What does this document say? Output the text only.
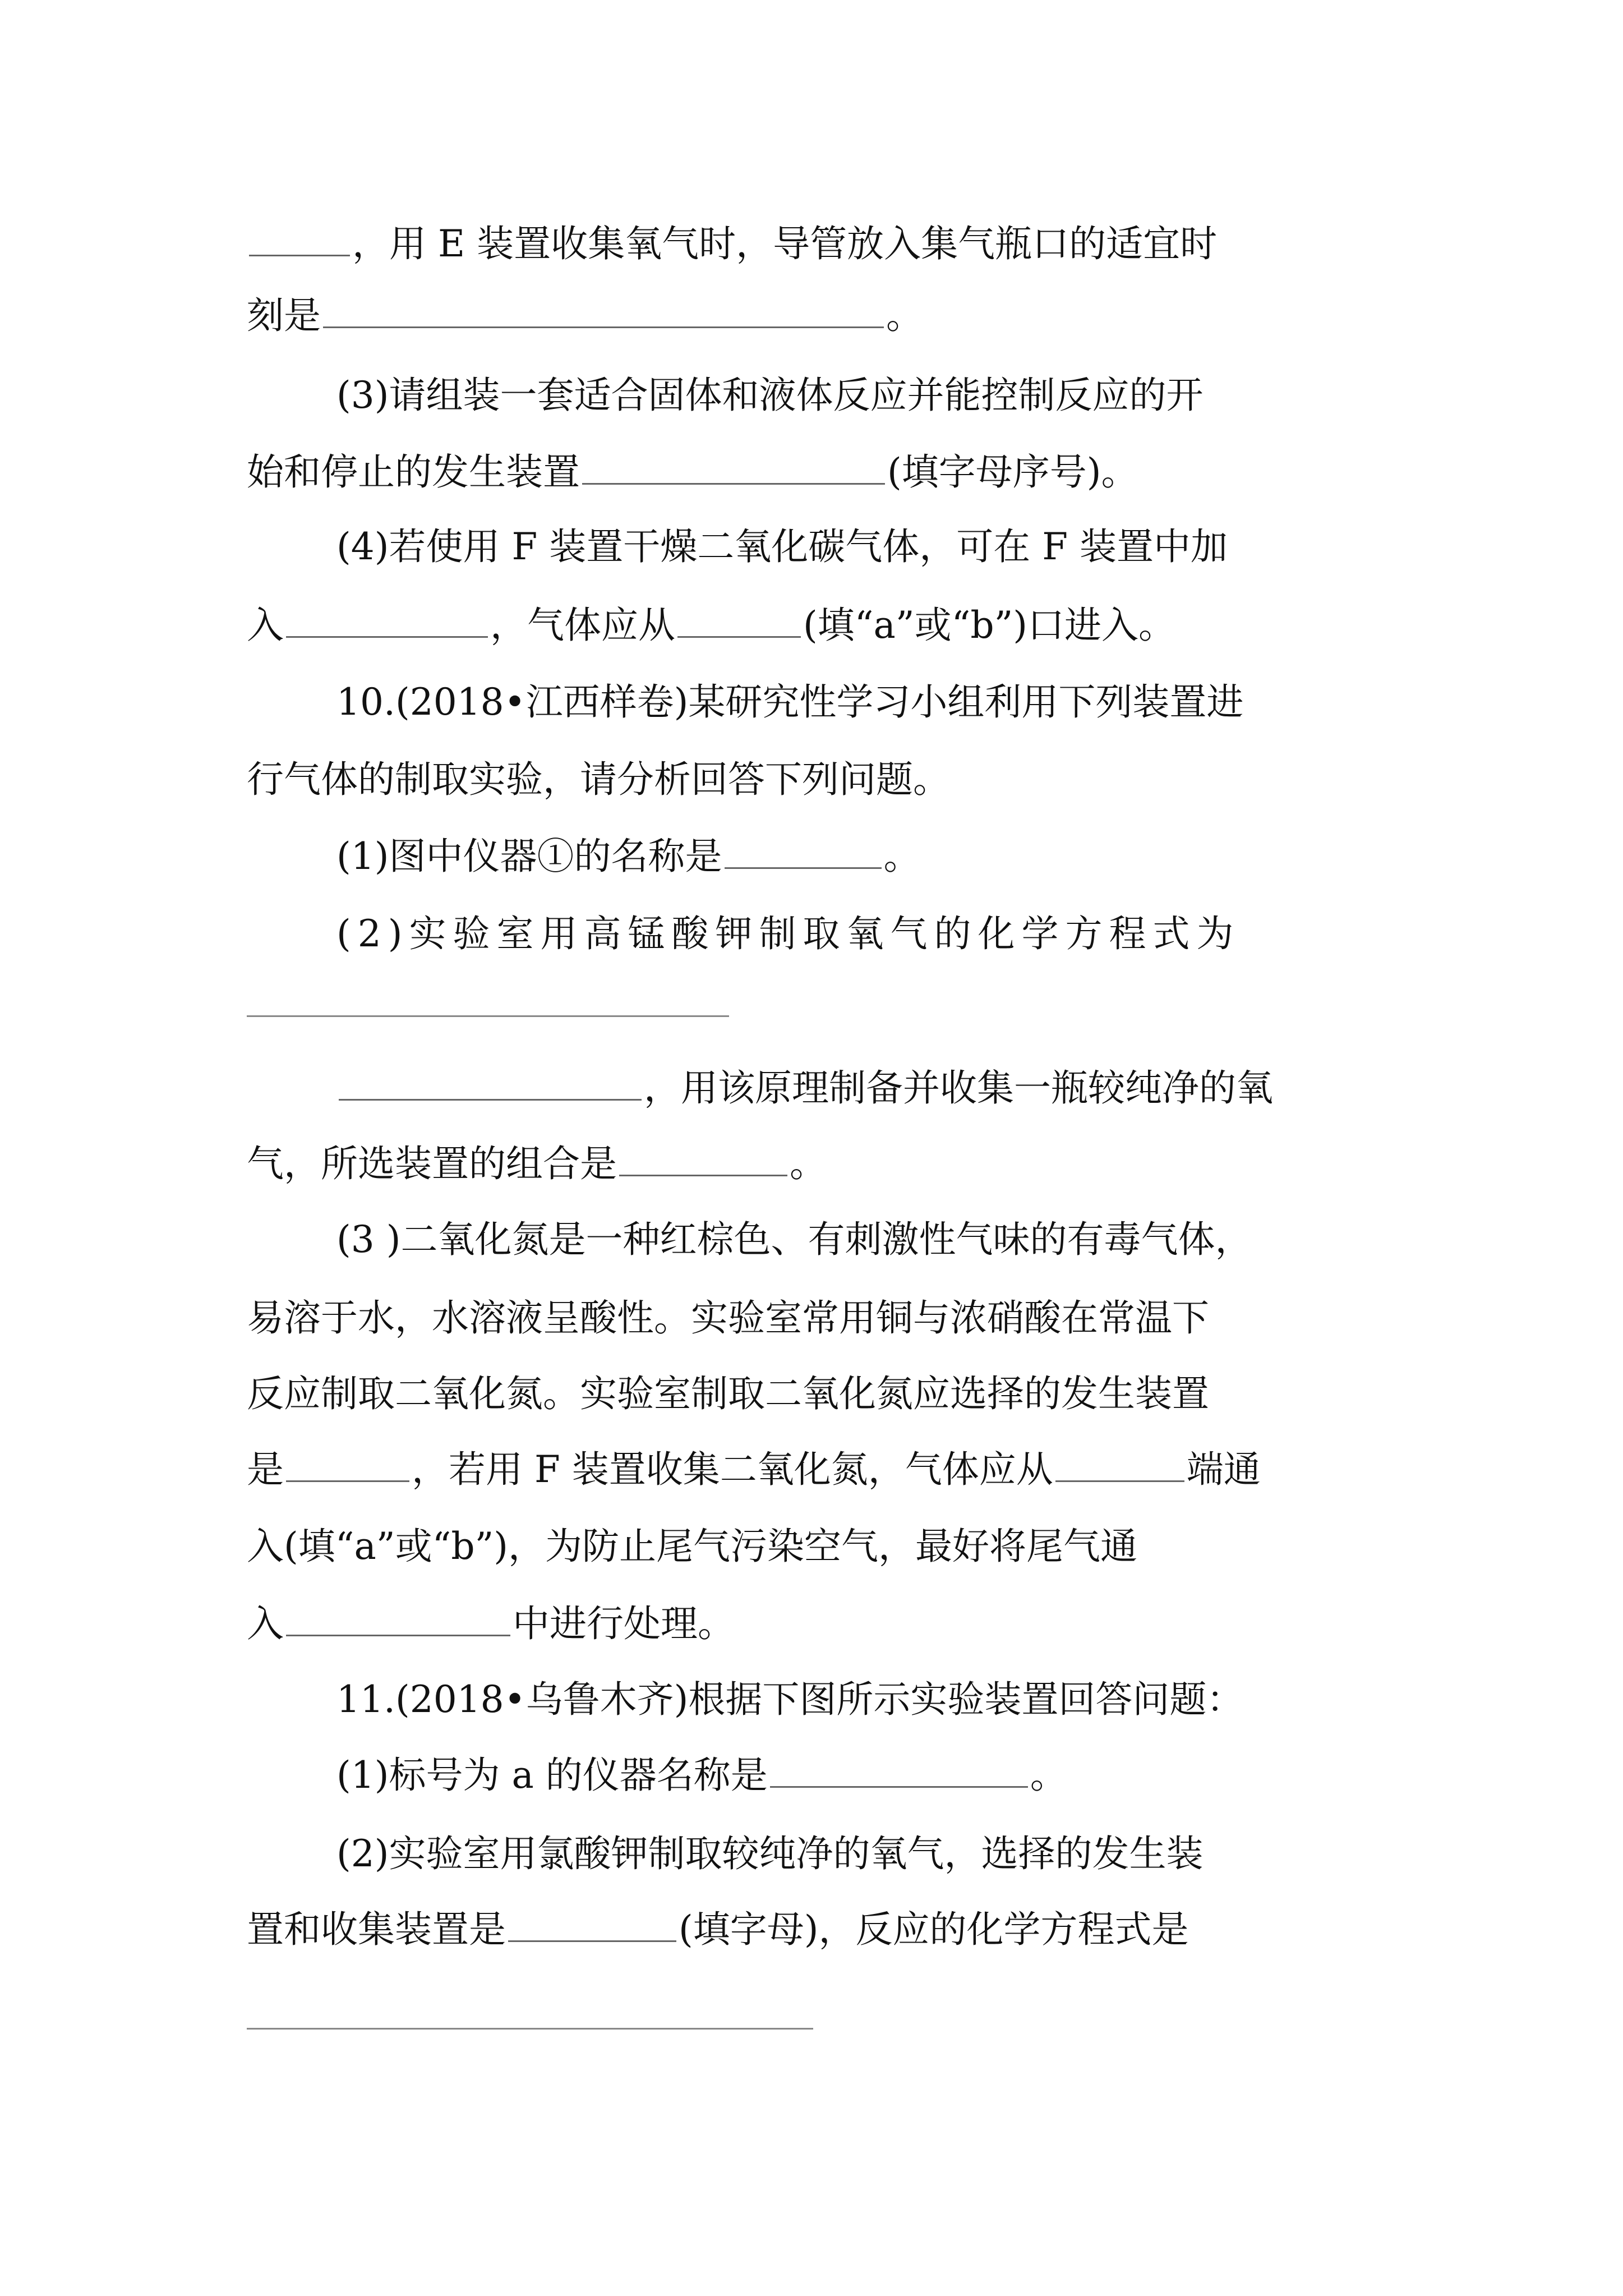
，用 E 装置收集氧气时，导管放入集气瓶口的适宜时
刻是	。
(3)请组装一套适合固体和液体反应并能控制反应的开
始和停止的发生装置	(填字母序号)。
(4)若使用 F 装置干燥二氧化碳气体，可在 F 装置中加
入	，气体应从	(填“a”或“b”)口进入。
10.(2018•江西样卷)某研究性学习小组利用下列装置进
行气体的制取实验，请分析回答下列问题。
(1)图中仪器①的名称是	。
(2)实验室用高锰酸钾制取氧气的化学方程式为
，用该原理制备并收集一瓶较纯净的氧
气，所选装置的组合是	。
(3 )二氧化氮是一种红棕色、有刺激性气味的有毒气体，
易溶于水，水溶液呈酸性。实验室常用铜与浓硝酸在常温下
反应制取二氧化氮。实验室制取二氧化氮应选择的发生装置
是	，若用 F 装置收集二氧化氮，气体应从	端通
入(填“a”或“b”)，为防止尾气污染空气，最好将尾气通
入	中进行处理。
11.(2018•乌鲁木齐)根据下图所示实验装置回答问题：
(1)标号为 a 的仪器名称是	。
(2)实验室用氯酸钾制取较纯净的氧气，选择的发生装
置和收集装置是	(填字母)，反应的化学方程式是
